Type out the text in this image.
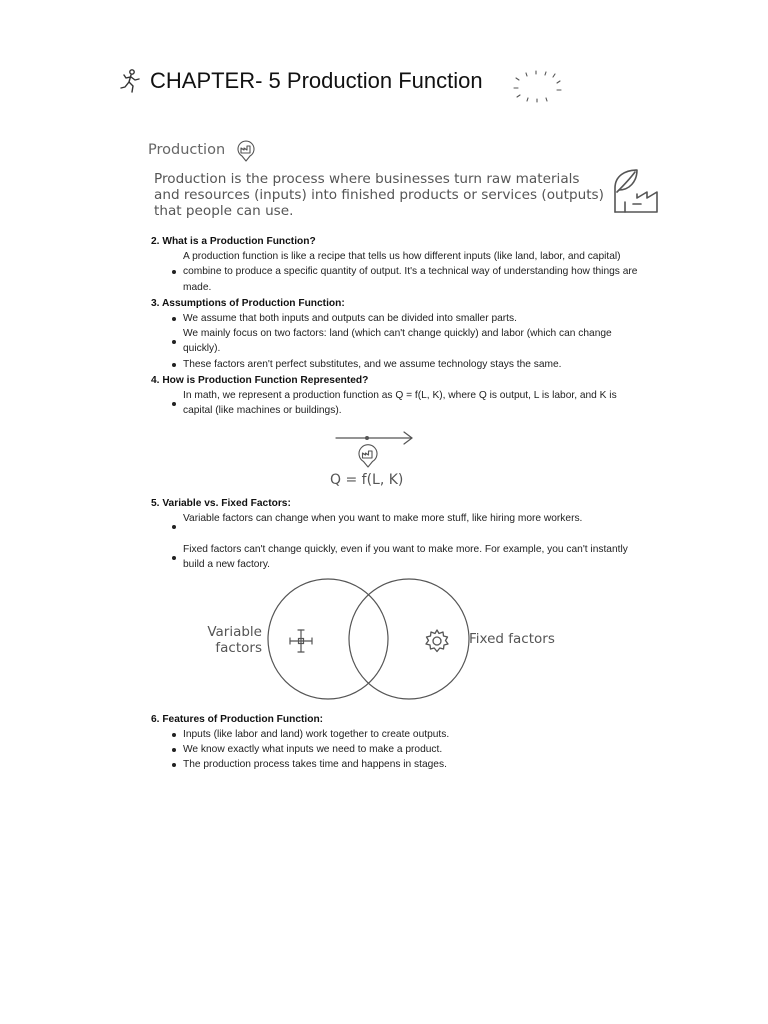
CHAPTER- 5 Production Function
Production
Production is the process where businesses turn raw materials and resources (inputs) into finished products or services (outputs) that people can use.
2. What is a Production Function?
A production function is like a recipe that tells us how different inputs (like land, labor, and capital) combine to produce a specific quantity of output. It's a technical way of understanding how things are made.
3. Assumptions of Production Function:
We assume that both inputs and outputs can be divided into smaller parts.
We mainly focus on two factors: land (which can't change quickly) and labor (which can change quickly).
These factors aren't perfect substitutes, and we assume technology stays the same.
4. How is Production Function Represented?
In math, we represent a production function as Q = f(L, K), where Q is output, L is labor, and K is capital (like machines or buildings).
Q = f(L, K)
5. Variable vs. Fixed Factors:
Variable factors can change when you want to make more stuff, like hiring more workers.
Fixed factors can't change quickly, even if you want to make more. For example, you can't instantly build a new factory.
Variable
factors
Fixed factors
6. Features of Production Function:
Inputs (like labor and land) work together to create outputs.
We know exactly what inputs we need to make a product.
The production process takes time and happens in stages.
